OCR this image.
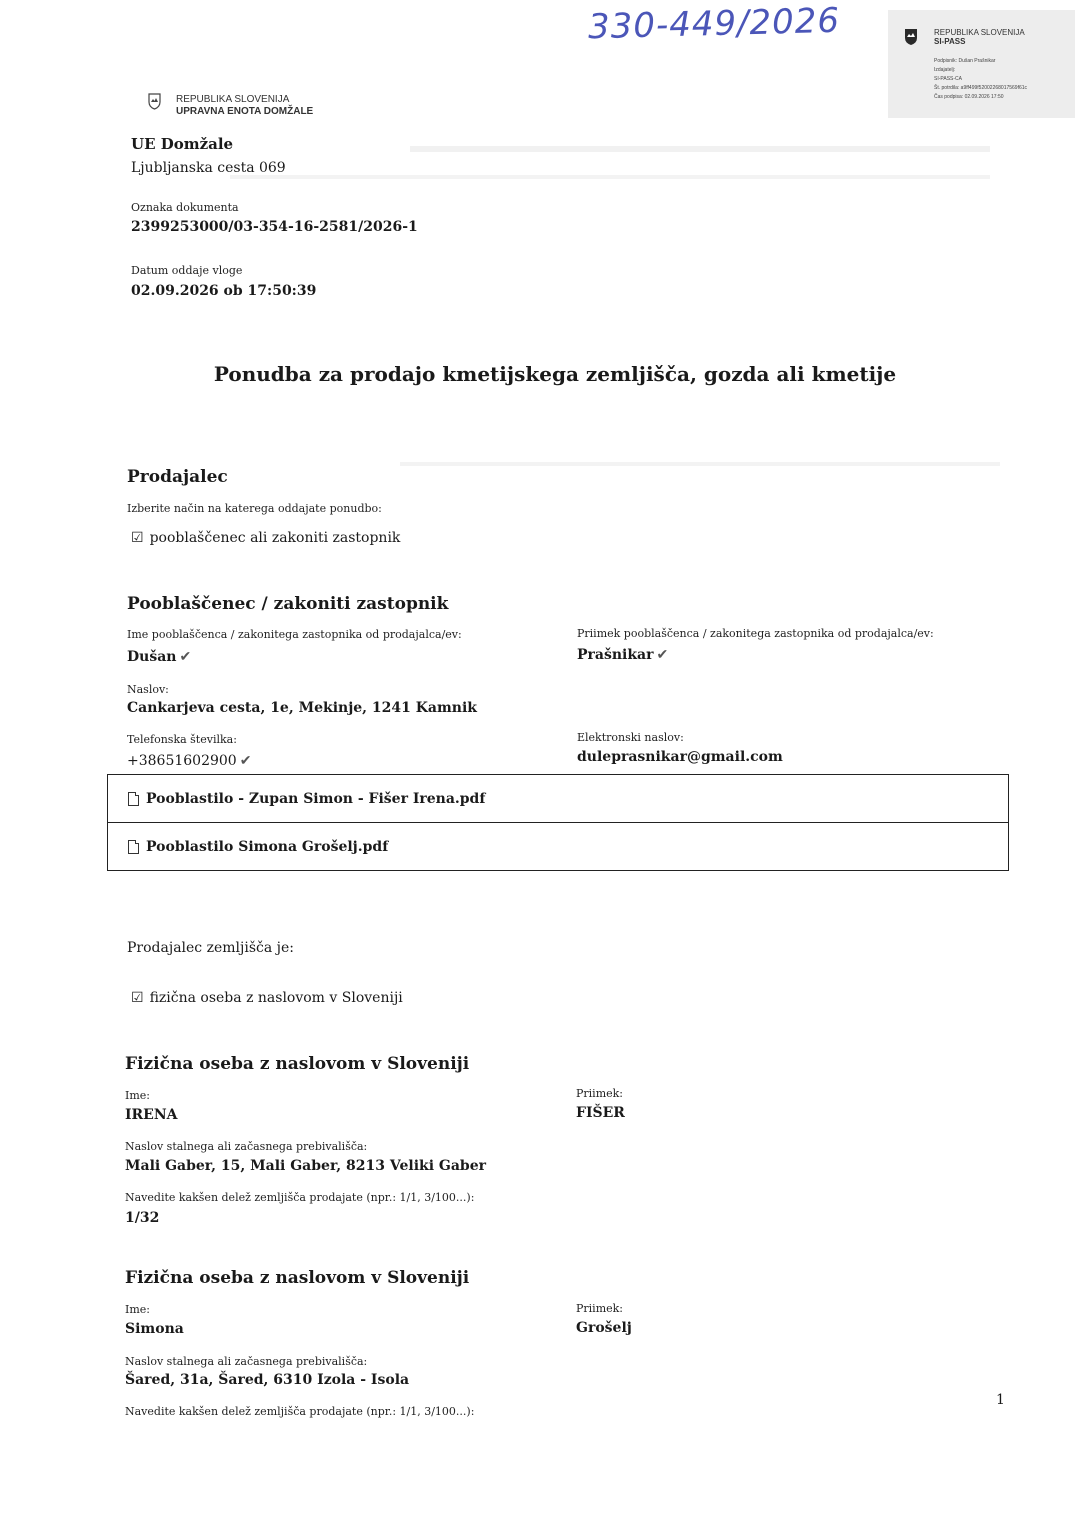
330-449/2026	REPUBLIKA SLOVENIJA
SI-PASS
Podpisnik: Dušan Prašnikar
Izdajatelj:
SI-PASS-CA
Št. potrdila: a9ff499f52002268017569f61c
Čas podpisa: 02.09.2026 17:50
REPUBLIKA SLOVENIJA
UPRAVNA ENOTA DOMŽALE
UE Domžale
Ljubljanska cesta 069
Oznaka dokumenta
2399253000/03-354-16-2581/2026-1
Datum oddaje vloge
02.09.2026 ob 17:50:39
Ponudba za prodajo kmetijskega zemljišča, gozda ali kmetije
Prodajalec
Izberite način na katerega oddajate ponudbo:
☑ pooblaščenec ali zakoniti zastopnik
Pooblaščenec / zakoniti zastopnik
Ime pooblaščenca / zakonitega zastopnika od prodajalca/ev:
Dušan ✔
Priimek pooblaščenca / zakonitega zastopnika od prodajalca/ev:
Prašnikar ✔
Naslov:
Cankarjeva cesta, 1e, Mekinje, 1241 Kamnik
Telefonska številka:
+38651602900 ✔
Elektronski naslov:
duleprasnikar@gmail.com
Pooblastilo - Zupan Simon - Fišer Irena.pdf
Pooblastilo Simona Grošelj.pdf
Prodajalec zemljišča je:
☑ fizična oseba z naslovom v Sloveniji
Fizična oseba z naslovom v Sloveniji
Ime:
IRENA
Priimek:
FIŠER
Naslov stalnega ali začasnega prebivališča:
Mali Gaber, 15, Mali Gaber, 8213 Veliki Gaber
Navedite kakšen delež zemljišča prodajate (npr.: 1/1, 3/100...):
1/32
Fizična oseba z naslovom v Sloveniji
Ime:
Simona
Priimek:
Grošelj
Naslov stalnega ali začasnega prebivališča:
Šared, 31a, Šared, 6310 Izola - Isola
Navedite kakšen delež zemljišča prodajate (npr.: 1/1, 3/100...):
1
